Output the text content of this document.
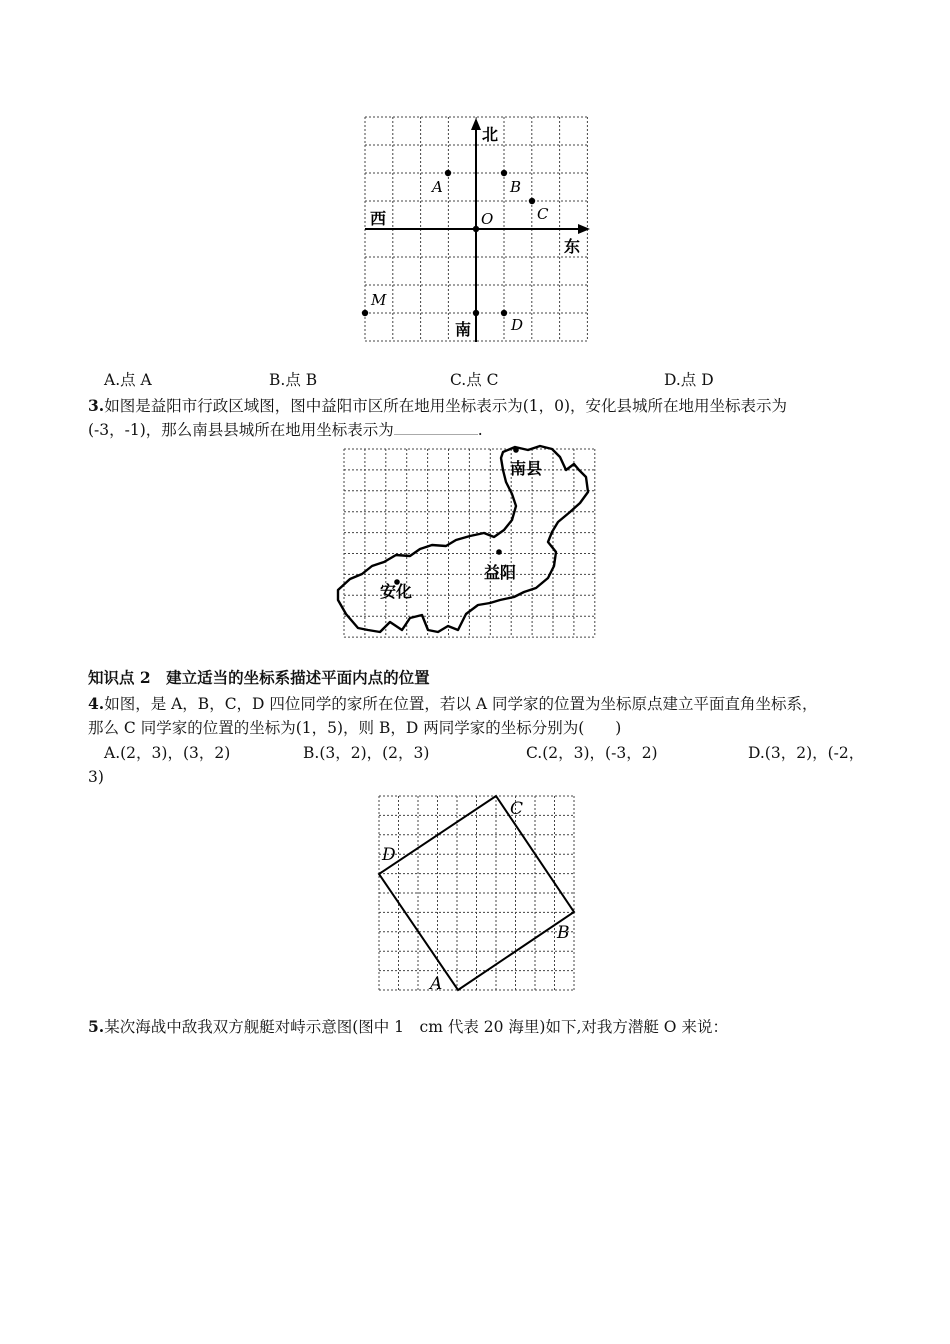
北
西
东
南
O
A	B
C
M
D
A.点 A	B.点 B	C.点 C	D.点 D
3.如图是益阳市行政区域图，图中益阳市区所在地用坐标表示为(1，0)，安化县城所在地用坐标表示为
(-3，-1)，那么南县县城所在地用坐标表示为	.
南县
益阳
安化
知识点 2　建立适当的坐标系描述平面内点的位置
4.如图，是 A，B，C，D 四位同学的家所在位置，若以 A 同学家的位置为坐标原点建立平面直角坐标系，
那么 C 同学家的位置的坐标为(1，5)，则 B，D 两同学家的坐标分别为(　　)
A.(2，3)，(3，2)	B.(3，2)，(2，3)	C.(2，3)，(-3，2)	D.(3，2)，(-2，
3)
A
B
C
D
5.某次海战中敌我双方舰艇对峙示意图(图中 1　cm 代表 20 海里)如下,对我方潜艇 O 来说：
